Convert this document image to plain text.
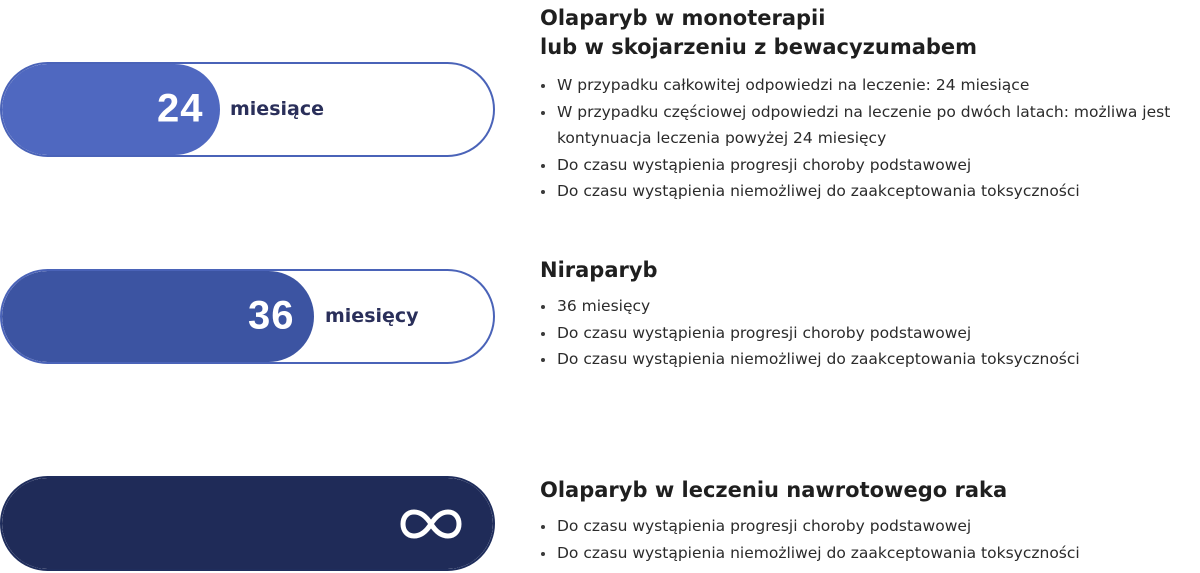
24 miesiące
36 miesięcy
Olaparyb w monoterapii
lub w skojarzeniu z bewacyzumabem
W przypadku całkowitej odpowiedzi na leczenie: 24 miesiące
W przypadku częściowej odpowiedzi na leczenie po dwóch latach: możliwa jest kontynuacja leczenia powyżej 24 miesięcy
Do czasu wystąpienia progresji choroby podstawowej
Do czasu wystąpienia niemożliwej do zaakceptowania toksyczności
Niraparyb
36 miesięcy
Do czasu wystąpienia progresji choroby podstawowej
Do czasu wystąpienia niemożliwej do zaakceptowania toksyczności
Olaparyb w leczeniu nawrotowego raka
Do czasu wystąpienia progresji choroby podstawowej
Do czasu wystąpienia niemożliwej do zaakceptowania toksyczności
